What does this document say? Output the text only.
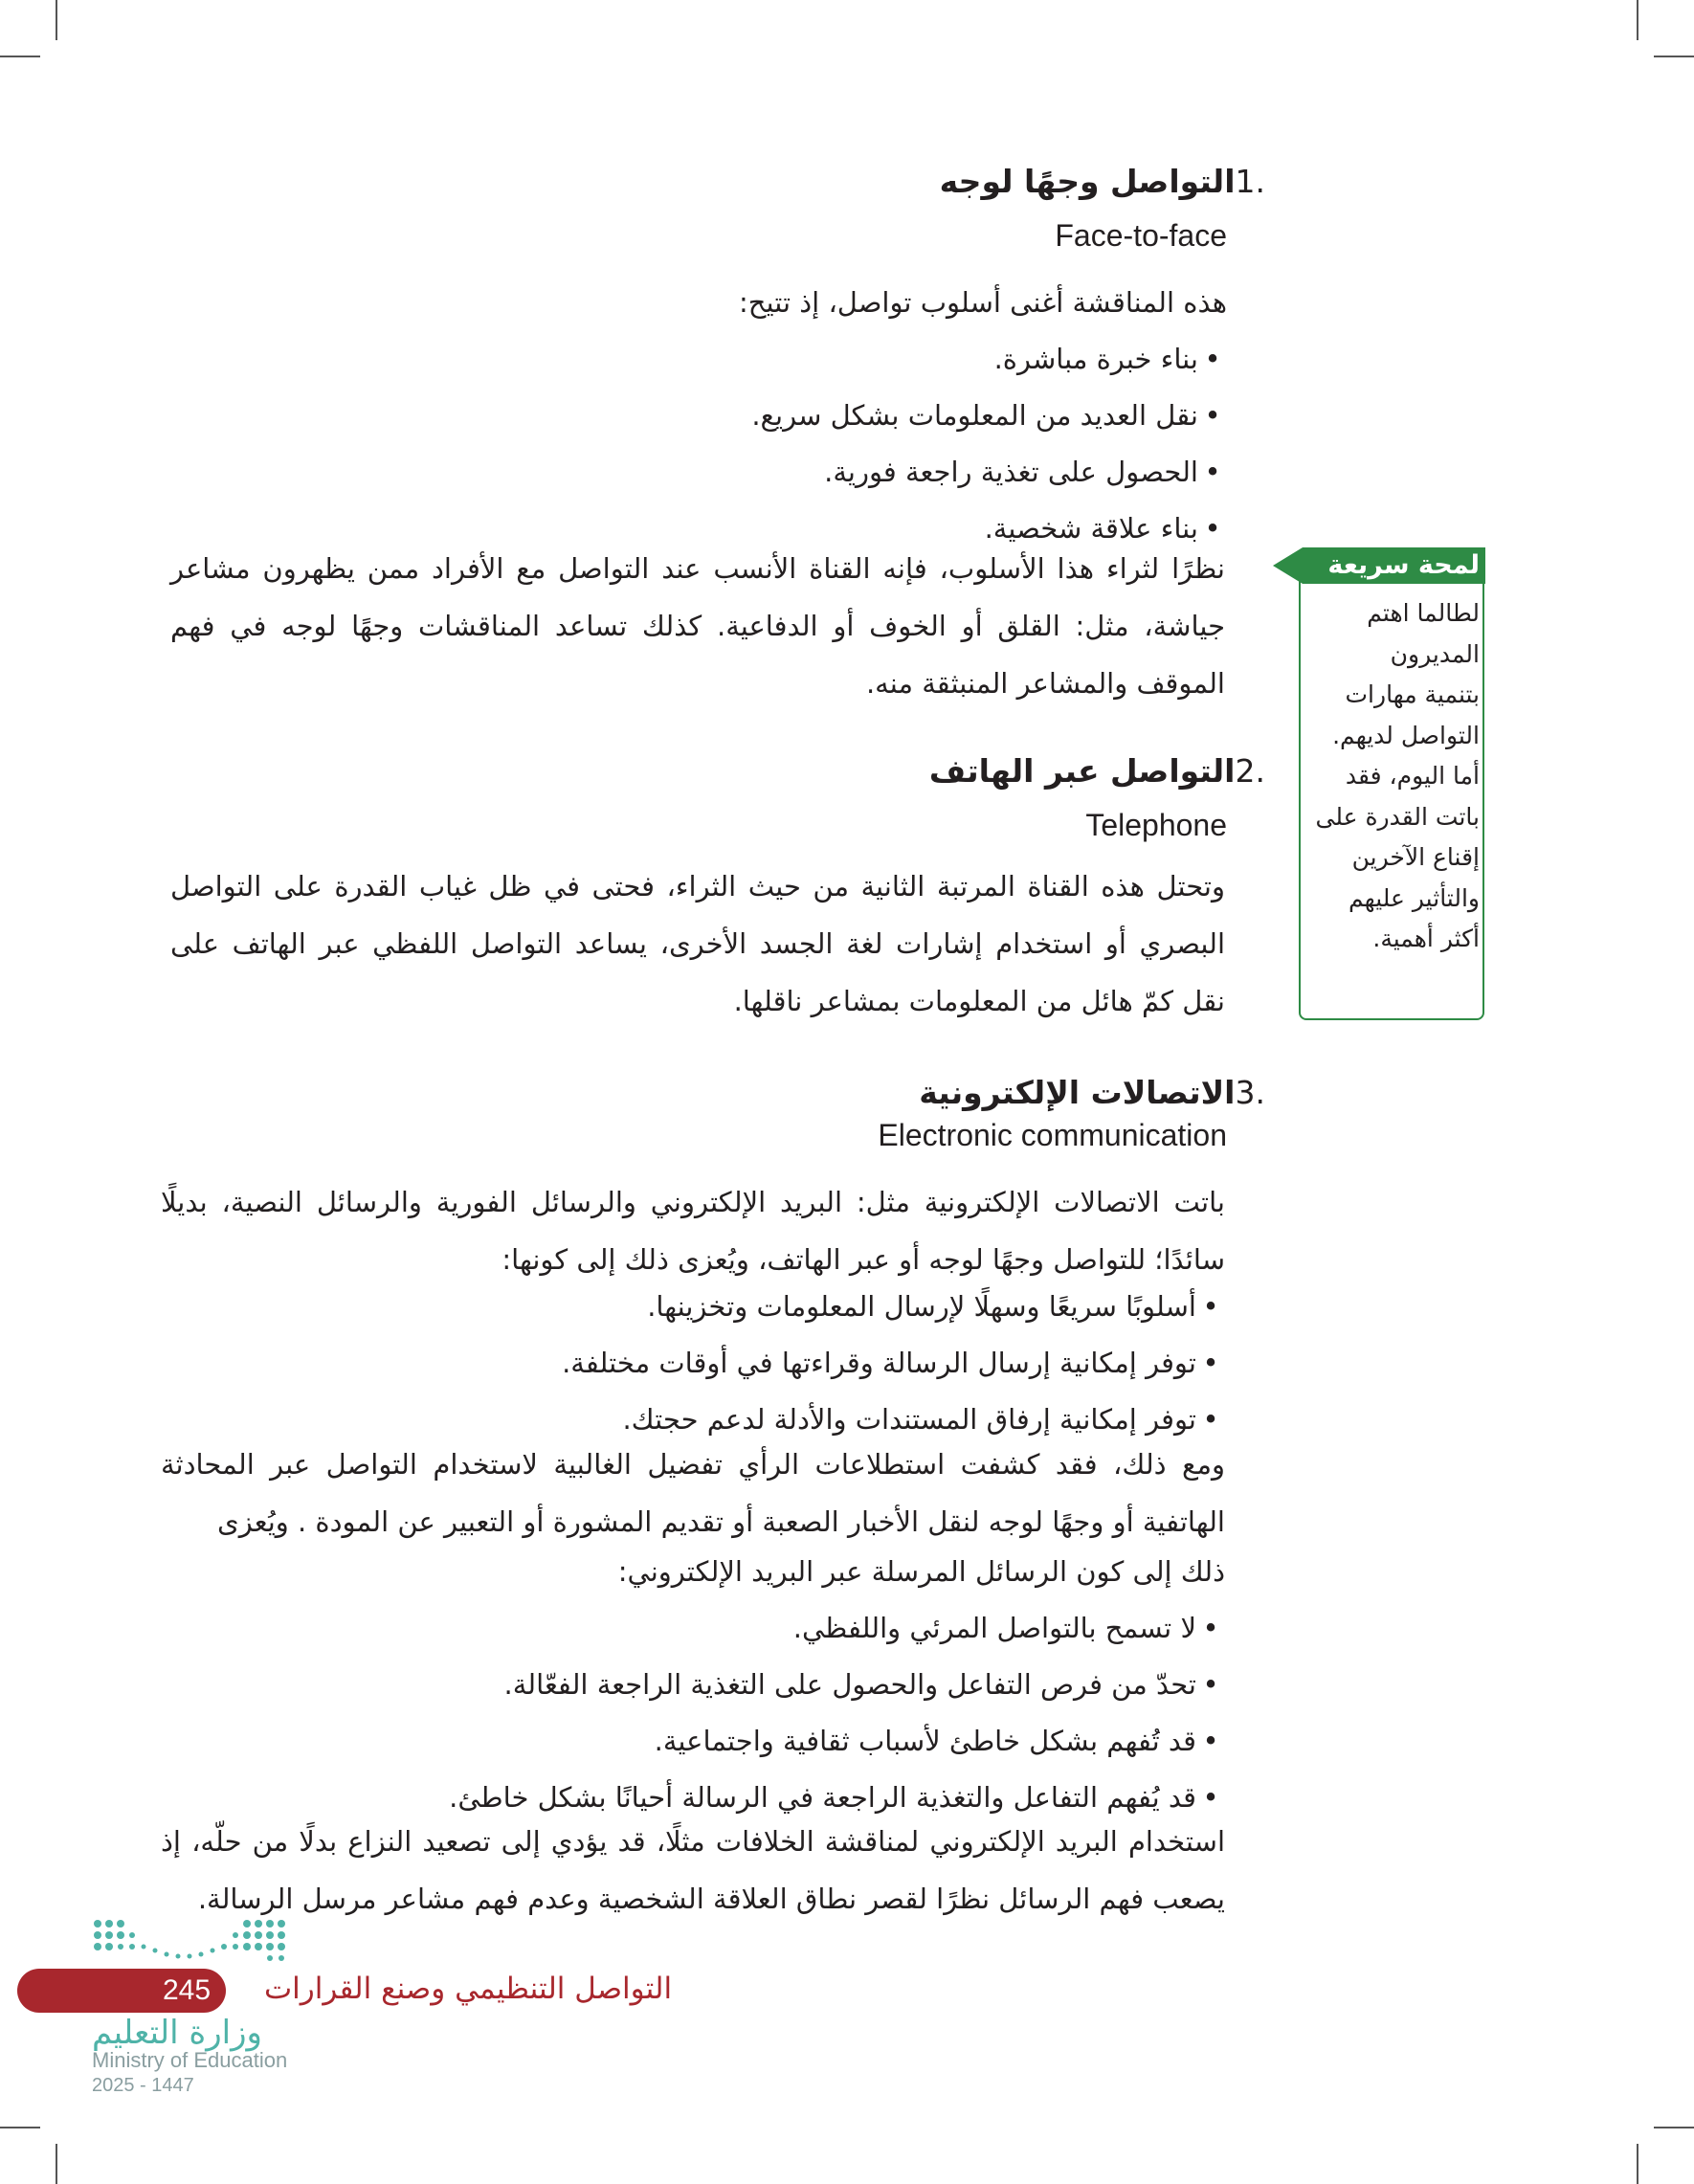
.1التواصل وجهًا لوجه
Face-to-face
هذه المناقشة أغنى أسلوب تواصل، إذ تتيح:
• بناء خبرة مباشرة.
• نقل العديد من المعلومات بشكل سريع.
• الحصول على تغذية راجعة فورية.
• بناء علاقة شخصية.
نظرًا لثراء هذا الأسلوب، فإنه القناة الأنسب عند التواصل مع الأفراد ممن يظهرون مشاعر جياشة، مثل: القلق أو الخوف أو الدفاعية. كذلك تساعد المناقشات وجهًا لوجه في فهم الموقف والمشاعر المنبثقة منه.
لمحة سريعة
لطالما اهتم
المديرون
بتنمية مهارات
التواصل لديهم.
أما اليوم، فقد
باتت القدرة على
إقناع الآخرين
والتأثير عليهم
أكثر أهمية.
.2التواصل عبر الهاتف
Telephone
وتحتل هذه القناة المرتبة الثانية من حيث الثراء، فحتى في ظل غياب القدرة على التواصل البصري أو استخدام إشارات لغة الجسد الأخرى، يساعد التواصل اللفظي عبر الهاتف على نقل كمّ هائل من المعلومات بمشاعر ناقلها.
.3الاتصالات الإلكترونية
Electronic communication
باتت الاتصالات الإلكترونية مثل: البريد الإلكتروني والرسائل الفورية والرسائل النصية، بديلًا سائدًا؛ للتواصل وجهًا لوجه أو عبر الهاتف، ويُعزى ذلك إلى كونها:
• أسلوبًا سريعًا وسهلًا لإرسال المعلومات وتخزينها.
• توفر إمكانية إرسال الرسالة وقراءتها في أوقات مختلفة.
• توفر إمكانية إرفاق المستندات والأدلة لدعم حجتك.
ومع ذلك، فقد كشفت استطلاعات الرأي تفضيل الغالبية لاستخدام التواصل عبر المحادثة الهاتفية أو وجهًا لوجه لنقل الأخبار الصعبة أو تقديم المشورة أو التعبير عن المودة . ويُعزى
ذلك إلى كون الرسائل المرسلة عبر البريد الإلكتروني:
• لا تسمح بالتواصل المرئي واللفظي.
• تحدّ من فرص التفاعل والحصول على التغذية الراجعة الفعّالة.
• قد تُفهم بشكل خاطئ لأسباب ثقافية واجتماعية.
• قد يُفهم التفاعل والتغذية الراجعة في الرسالة أحيانًا بشكل خاطئ.
استخدام البريد الإلكتروني لمناقشة الخلافات مثلًا، قد يؤدي إلى تصعيد النزاع بدلًا من حلّه، إذ يصعب فهم الرسائل نظرًا لقصر نطاق العلاقة الشخصية وعدم فهم مشاعر مرسل الرسالة.
245	التواصل التنظيمي وصنع القرارات
وزارة التعليم
Ministry of Education
2025 - 1447
